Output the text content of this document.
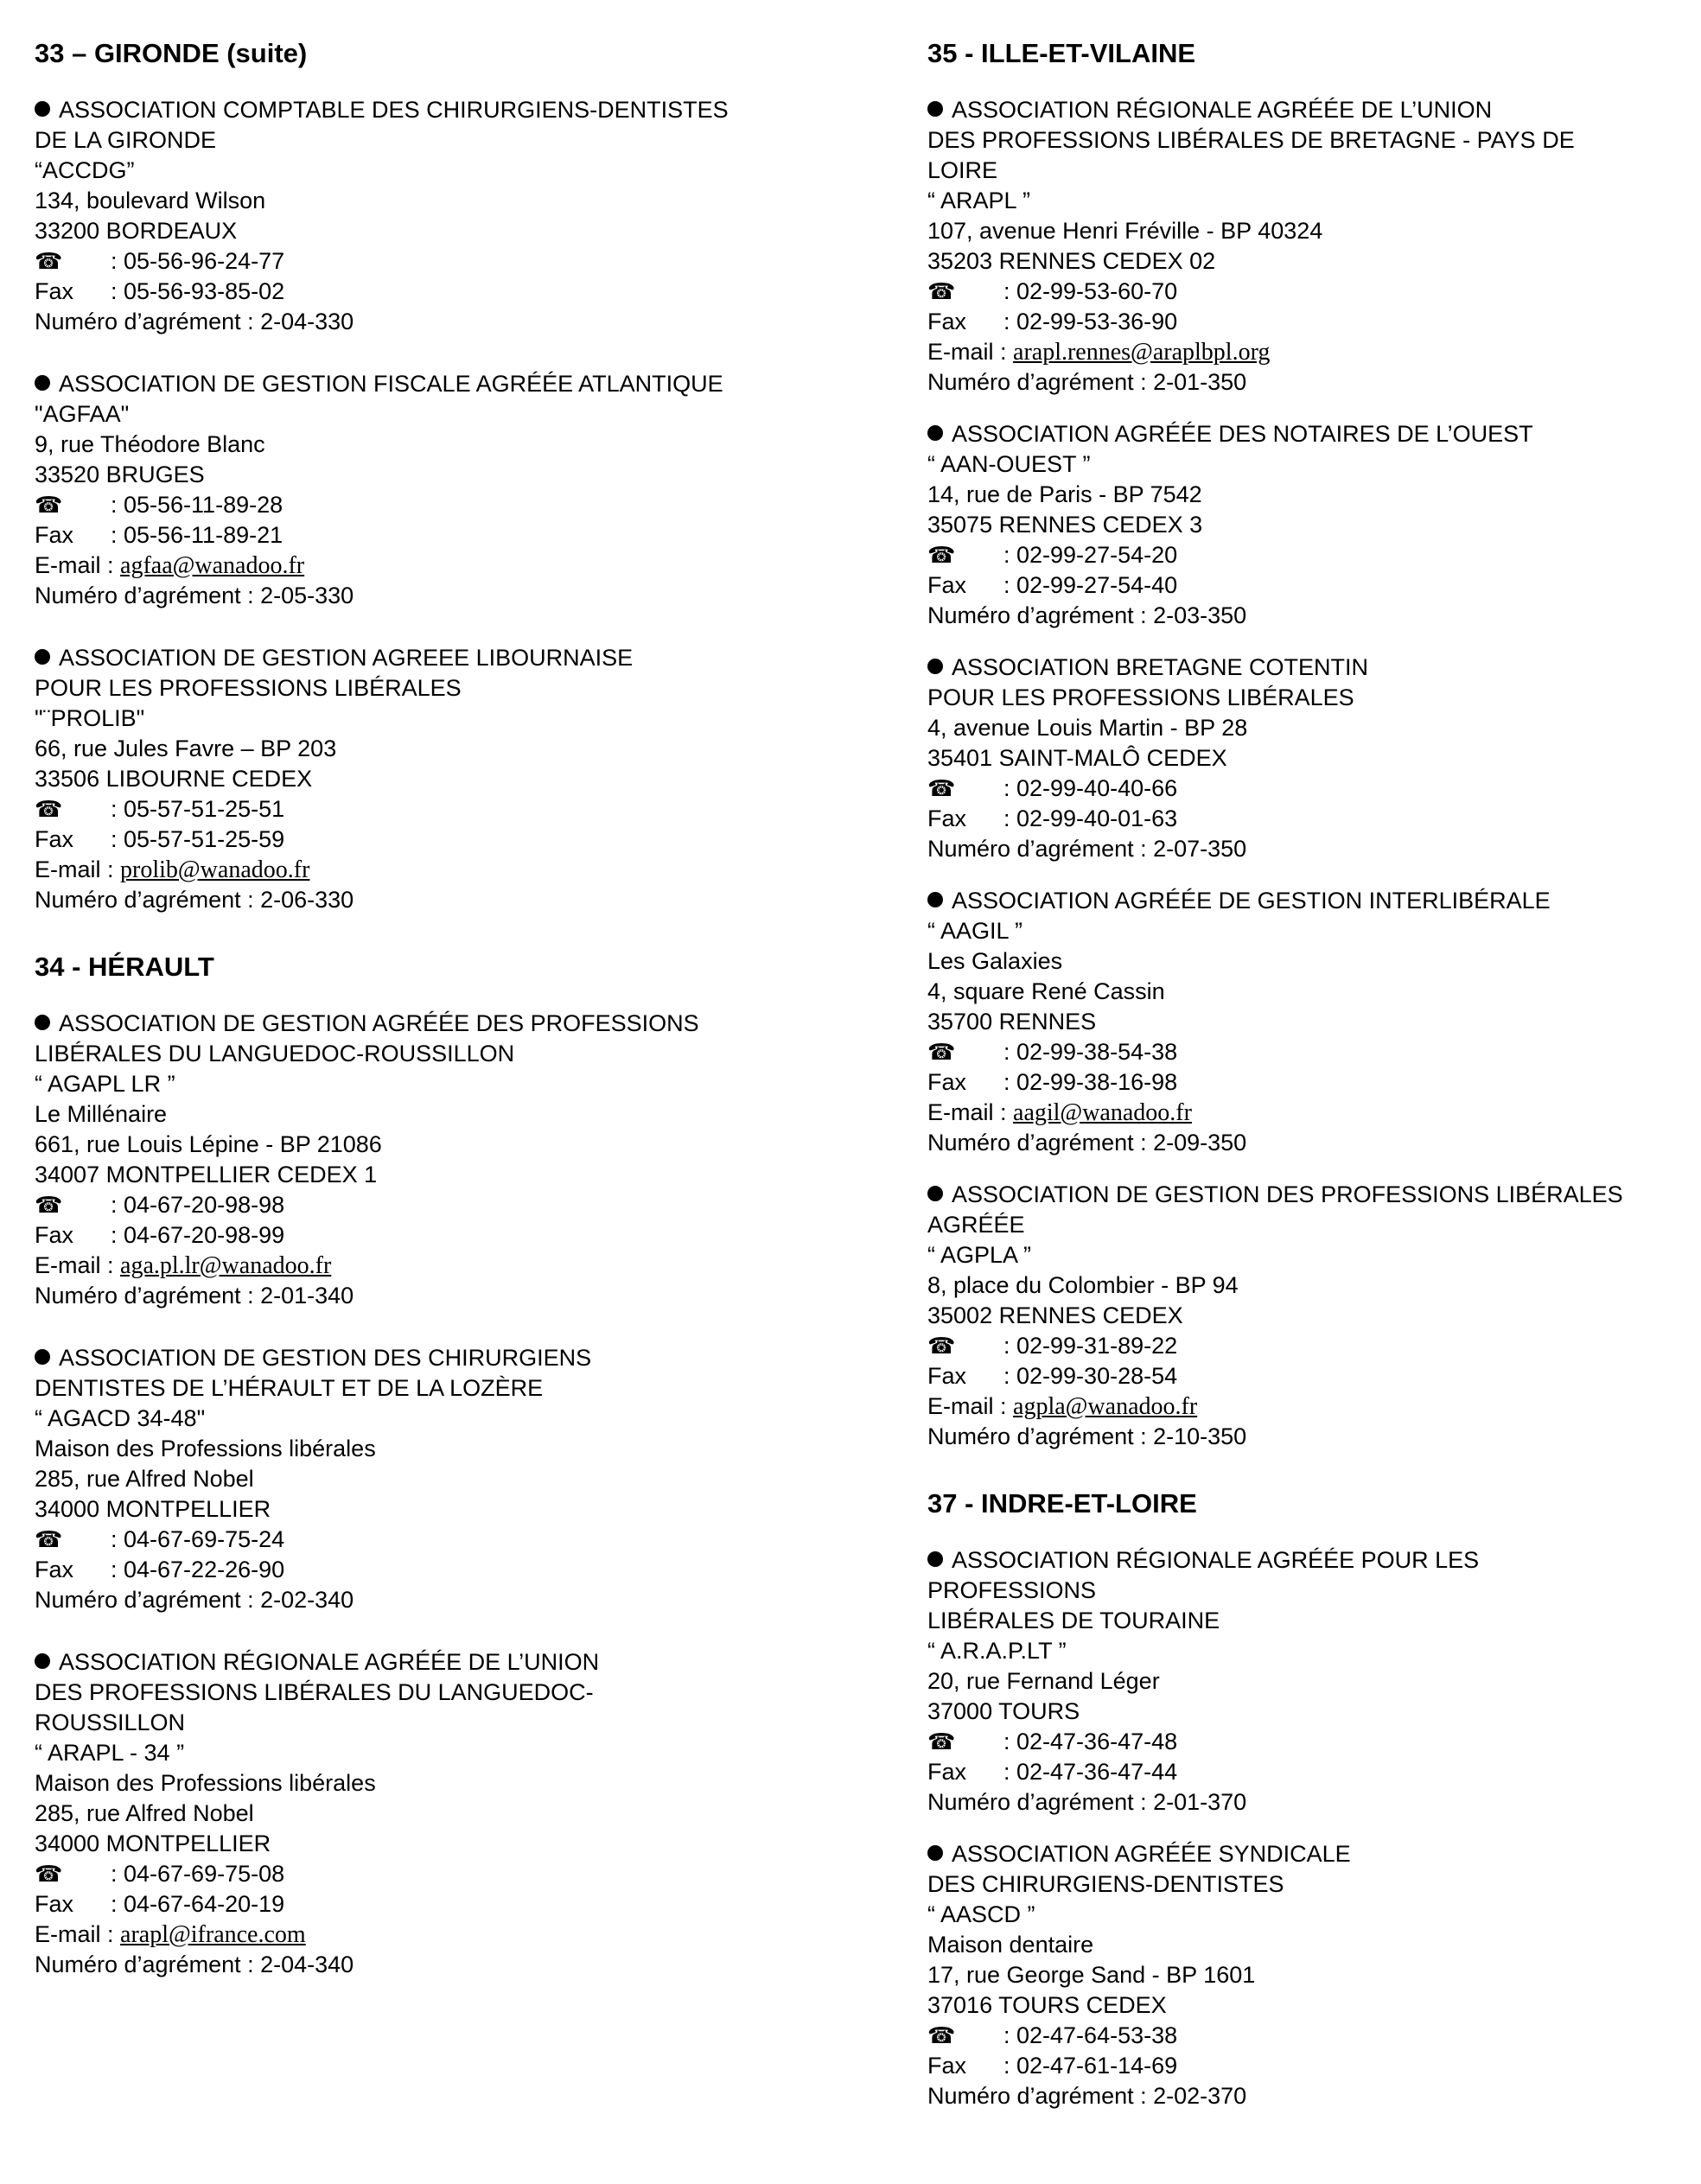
33 – GIRONDE (suite)
ASSOCIATION COMPTABLE DES CHIRURGIENS-DENTISTES
DE LA GIRONDE
“ACCDG”
134, boulevard Wilson
33200 BORDEAUX
☎ : 05-56-96-24-77
Fax : 05-56-93-85-02
Numéro d’agrément : 2-04-330
ASSOCIATION DE GESTION FISCALE AGRÉÉE ATLANTIQUE
"AGFAA"
9, rue Théodore Blanc
33520 BRUGES
☎ : 05-56-11-89-28
Fax : 05-56-11-89-21
E-mail : agfaa@wanadoo.fr
Numéro d’agrément : 2-05-330
ASSOCIATION DE GESTION AGREEE LIBOURNAISE
POUR LES PROFESSIONS LIBÉRALES
"¨PROLIB"
66, rue Jules Favre – BP 203
33506 LIBOURNE CEDEX
☎ : 05-57-51-25-51
Fax : 05-57-51-25-59
E-mail : prolib@wanadoo.fr
Numéro d’agrément : 2-06-330
34 - HÉRAULT
ASSOCIATION DE GESTION AGRÉÉE DES PROFESSIONS
LIBÉRALES DU LANGUEDOC-ROUSSILLON
“ AGAPL LR ”
Le Millénaire
661, rue Louis Lépine - BP 21086
34007 MONTPELLIER CEDEX 1
☎ : 04-67-20-98-98
Fax : 04-67-20-98-99
E-mail : aga.pl.lr@wanadoo.fr
Numéro d’agrément : 2-01-340
ASSOCIATION DE GESTION DES CHIRURGIENS
DENTISTES DE L’HÉRAULT ET DE LA LOZÈRE
“ AGACD 34-48"
Maison des Professions libérales
285, rue Alfred Nobel
34000 MONTPELLIER
☎ : 04-67-69-75-24
Fax : 04-67-22-26-90
Numéro d’agrément : 2-02-340
ASSOCIATION RÉGIONALE AGRÉÉE DE L’UNION
DES PROFESSIONS LIBÉRALES DU LANGUEDOC-
ROUSSILLON
“ ARAPL - 34 ”
Maison des Professions libérales
285, rue Alfred Nobel
34000 MONTPELLIER
☎ : 04-67-69-75-08
Fax : 04-67-64-20-19
E-mail : arapl@ifrance.com
Numéro d’agrément : 2-04-340
35 - ILLE-ET-VILAINE
ASSOCIATION RÉGIONALE AGRÉÉE DE L’UNION
DES PROFESSIONS LIBÉRALES DE BRETAGNE - PAYS DE
LOIRE
“ ARAPL ”
107, avenue Henri Fréville - BP 40324
35203 RENNES CEDEX 02
☎ : 02-99-53-60-70
Fax : 02-99-53-36-90
E-mail : arapl.rennes@araplbpl.org
Numéro d’agrément : 2-01-350
ASSOCIATION AGRÉÉE DES NOTAIRES DE L’OUEST
“ AAN-OUEST ”
14, rue de Paris - BP 7542
35075 RENNES CEDEX 3
☎ : 02-99-27-54-20
Fax : 02-99-27-54-40
Numéro d’agrément : 2-03-350
ASSOCIATION BRETAGNE COTENTIN
POUR LES PROFESSIONS LIBÉRALES
4, avenue Louis Martin - BP 28
35401 SAINT-MALÔ CEDEX
☎ : 02-99-40-40-66
Fax : 02-99-40-01-63
Numéro d’agrément : 2-07-350
ASSOCIATION AGRÉÉE DE GESTION INTERLIBÉRALE
“ AAGIL ”
Les Galaxies
4, square René Cassin
35700 RENNES
☎ : 02-99-38-54-38
Fax : 02-99-38-16-98
E-mail : aagil@wanadoo.fr
Numéro d’agrément : 2-09-350
ASSOCIATION DE GESTION DES PROFESSIONS LIBÉRALES
AGRÉÉE
“ AGPLA ”
8, place du Colombier - BP 94
35002 RENNES CEDEX
☎ : 02-99-31-89-22
Fax : 02-99-30-28-54
E-mail : agpla@wanadoo.fr
Numéro d’agrément : 2-10-350
37 - INDRE-ET-LOIRE
ASSOCIATION RÉGIONALE AGRÉÉE POUR LES
PROFESSIONS
LIBÉRALES DE TOURAINE
“ A.R.A.P.LT ”
20, rue Fernand Léger
37000 TOURS
☎ : 02-47-36-47-48
Fax : 02-47-36-47-44
Numéro d’agrément : 2-01-370
ASSOCIATION AGRÉÉE SYNDICALE
DES CHIRURGIENS-DENTISTES
“ AASCD ”
Maison dentaire
17, rue George Sand - BP 1601
37016 TOURS CEDEX
☎ : 02-47-64-53-38
Fax : 02-47-61-14-69
Numéro d’agrément : 2-02-370
